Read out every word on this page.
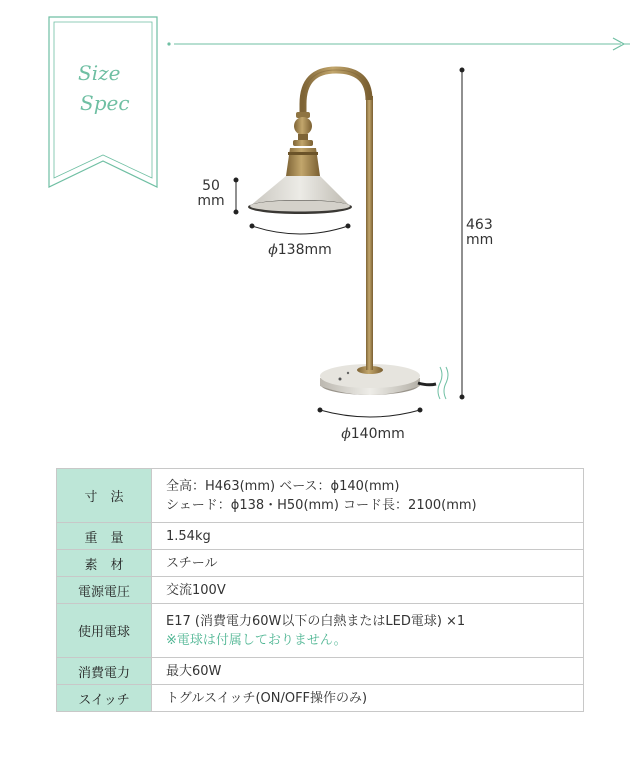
Size
Spec
50
mm
463
mm
ϕ138mm
ϕ140mm
寸　法	全高：H463(mm) ベース：ϕ140(mm)
シェード：ϕ138・H50(mm) コード長：2100(mm)

重　量	1.54kg
素　材	スチール
電源電圧	交流100V
使用電球	E17 (消費電力60W以下の白熱またはLED電球) ×1
※電球は付属しておりません。

消費電力	最大60W
スイッチ	トグルスイッチ(ON/OFF操作のみ)
